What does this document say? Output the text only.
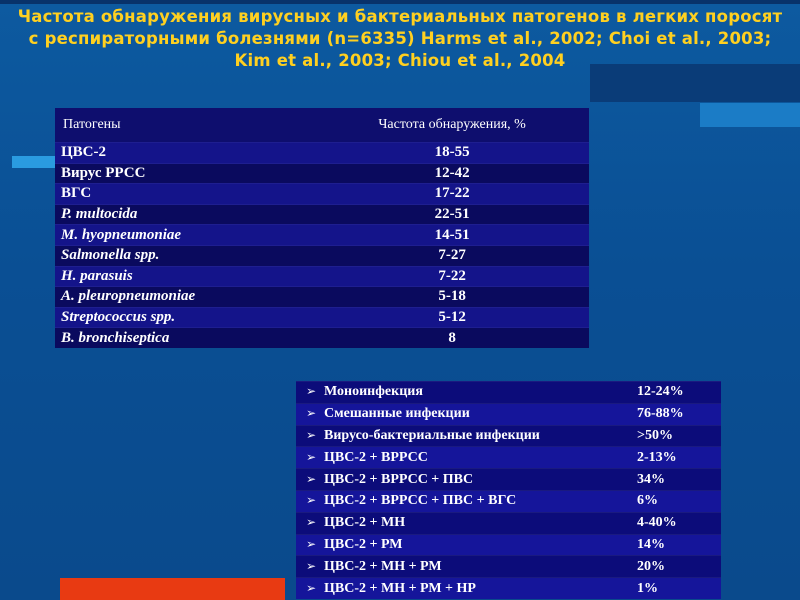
Частота обнаружения вирусных и бактериальных патогенов в легких поросят с респираторными болезнями (n=6335) Harms et al., 2002; Choi et al., 2003; Kim et al., 2003; Chiou et al., 2004
Патогены	Частота обнаружения, %
ЦВС-2	18-55
Вирус РРСС	12-42
ВГС	17-22
P. multocida	22-51
M. hyopneumoniae	14-51
Salmonella spp.	7-27
H. parasuis	7-22
A. pleuropneumoniae	5-18
Streptococcus spp.	5-12
B. bronchiseptica	8
➢ Моноинфекция	12-24%
➢ Смешанные инфекции	76-88%
➢ Вирусо-бактериальные инфекции	>50%
➢ ЦВС-2 + ВРРСС	2-13%
➢ ЦВС-2 + ВРРСС + ПВС	34%
➢ ЦВС-2 + ВРРСС + ПВС + ВГС	6%
➢ ЦВС-2 + МН	4-40%
➢ ЦВС-2 + РМ	14%
➢ ЦВС-2 + МН + РМ	20%
➢ ЦВС-2 + МН + РМ + НР	1%
